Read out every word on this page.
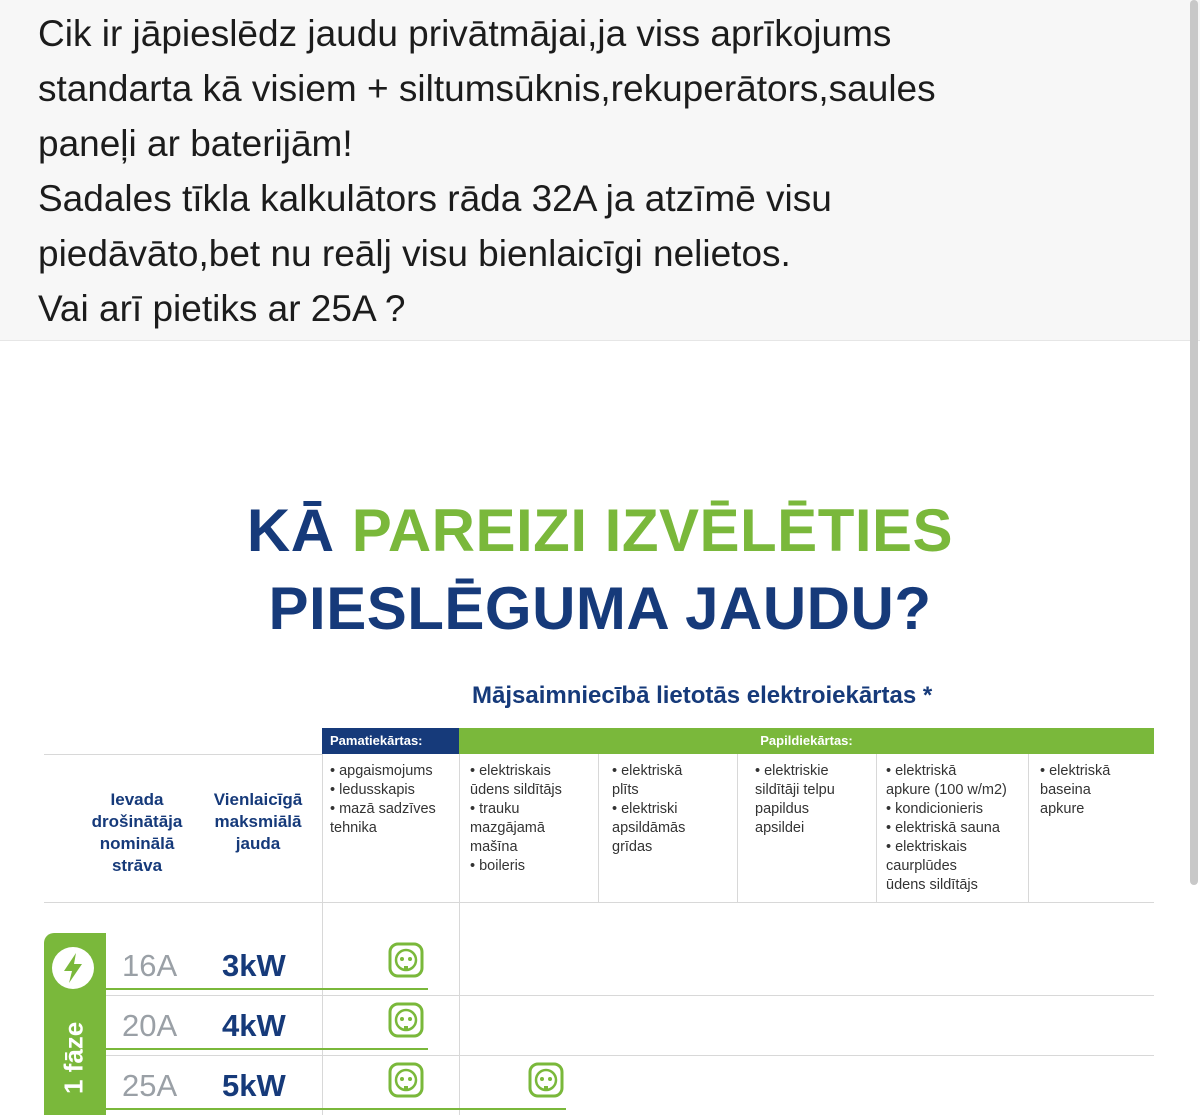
Cik ir jāpieslēdz jaudu privātmājai,ja viss aprīkojums
standarta kā visiem + siltumsūknis,rekuperātors,saules
paneļi ar baterijām!
Sadales tīkla kalkulātors rāda 32A ja atzīmē visu
piedāvāto,bet nu reālj visu bienlaicīgi nelietos.
Vai arī pietiks ar 25A ?
KĀ PAREIZI IZVĒLĒTIES
PIESLĒGUMA JAUDU?
Mājsaimniecībā lietotās elektroiekārtas *
Pamatiekārtas:	Papildiekārtas:
Ievada
drošinātāja
nominālā
strāva
Vienlaicīgā
maksmiālā
jauda
• apgaismojums
• ledusskapis
• mazā sadzīves
tehnika
• elektriskais
ūdens sildītājs
• trauku
mazgājamā
mašīna
• boileris
• elektriskā
plīts
• elektriski
apsildāmās
grīdas
• elektriskie
sildītāji telpu
papildus
apsildei
• elektriskā
apkure (100 w/m2)
• kondicionieris
• elektriskā sauna
• elektriskais
caurplūdes
ūdens sildītājs
• elektriskā
baseina
apkure
1 fāze
16A 3kW
20A 4kW
25A 5kW
